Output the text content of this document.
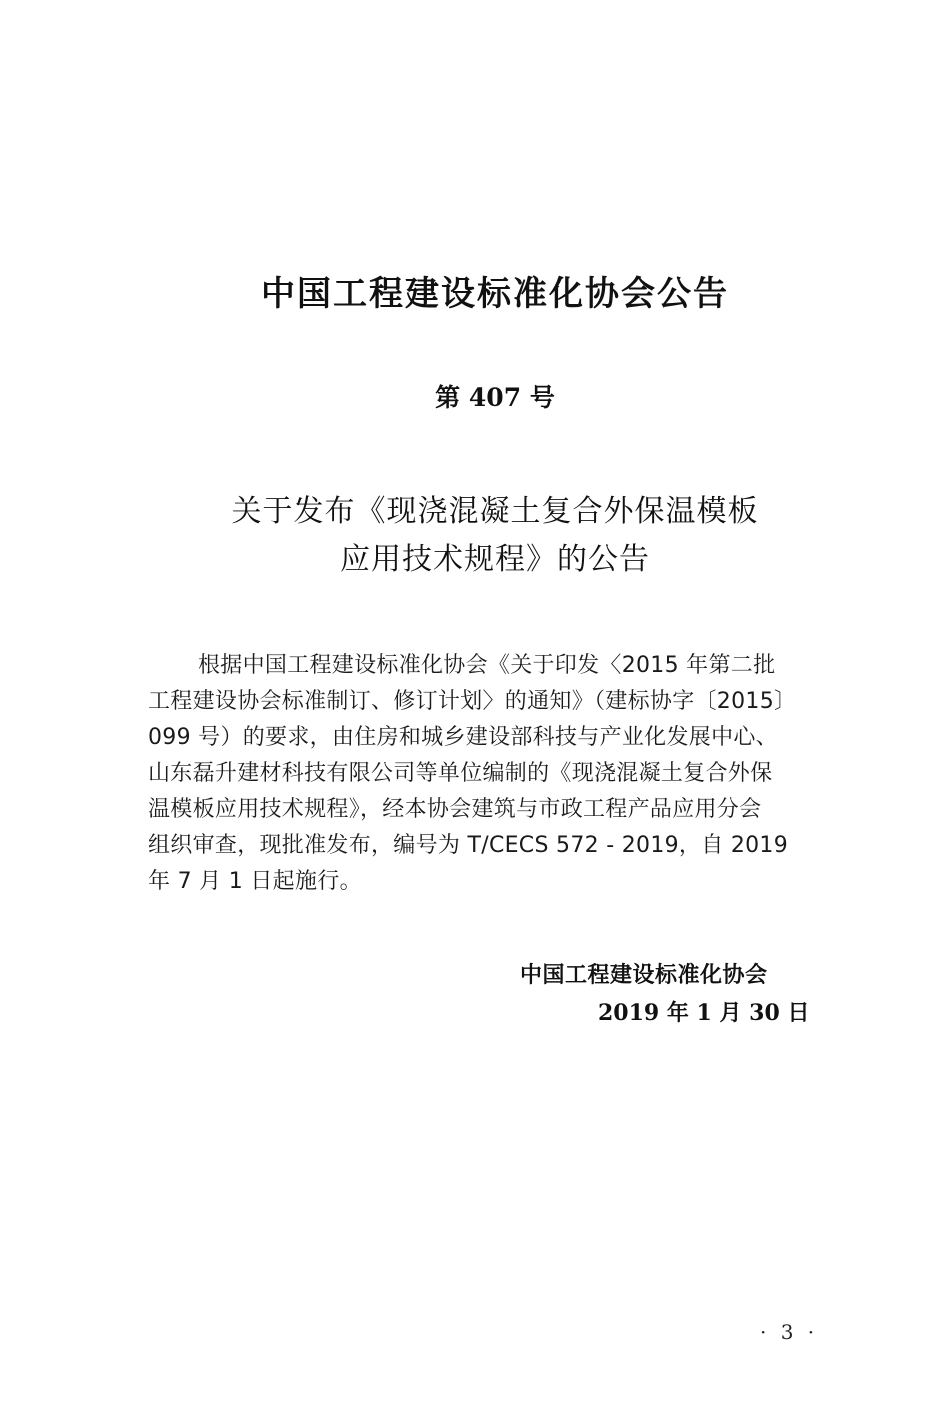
中国工程建设标准化协会公告
第 407 号
关于发布《现浇混凝土复合外保温模板
应用技术规程》的公告
根据中国工程建设标准化协会《关于印发〈2015 年第二批
工程建设协会标准制订、修订计划〉的通知》（建标协字〔2015〕
099 号）的要求，由住房和城乡建设部科技与产业化发展中心、
山东磊升建材科技有限公司等单位编制的《现浇混凝土复合外保
温模板应用技术规程》，经本协会建筑与市政工程产品应用分会
组织审查，现批准发布，编号为 T/CECS 572 - 2019，自 2019
年 7 月 1 日起施行。
中国工程建设标准化协会
2019 年 1 月 30 日
· 3 ·
